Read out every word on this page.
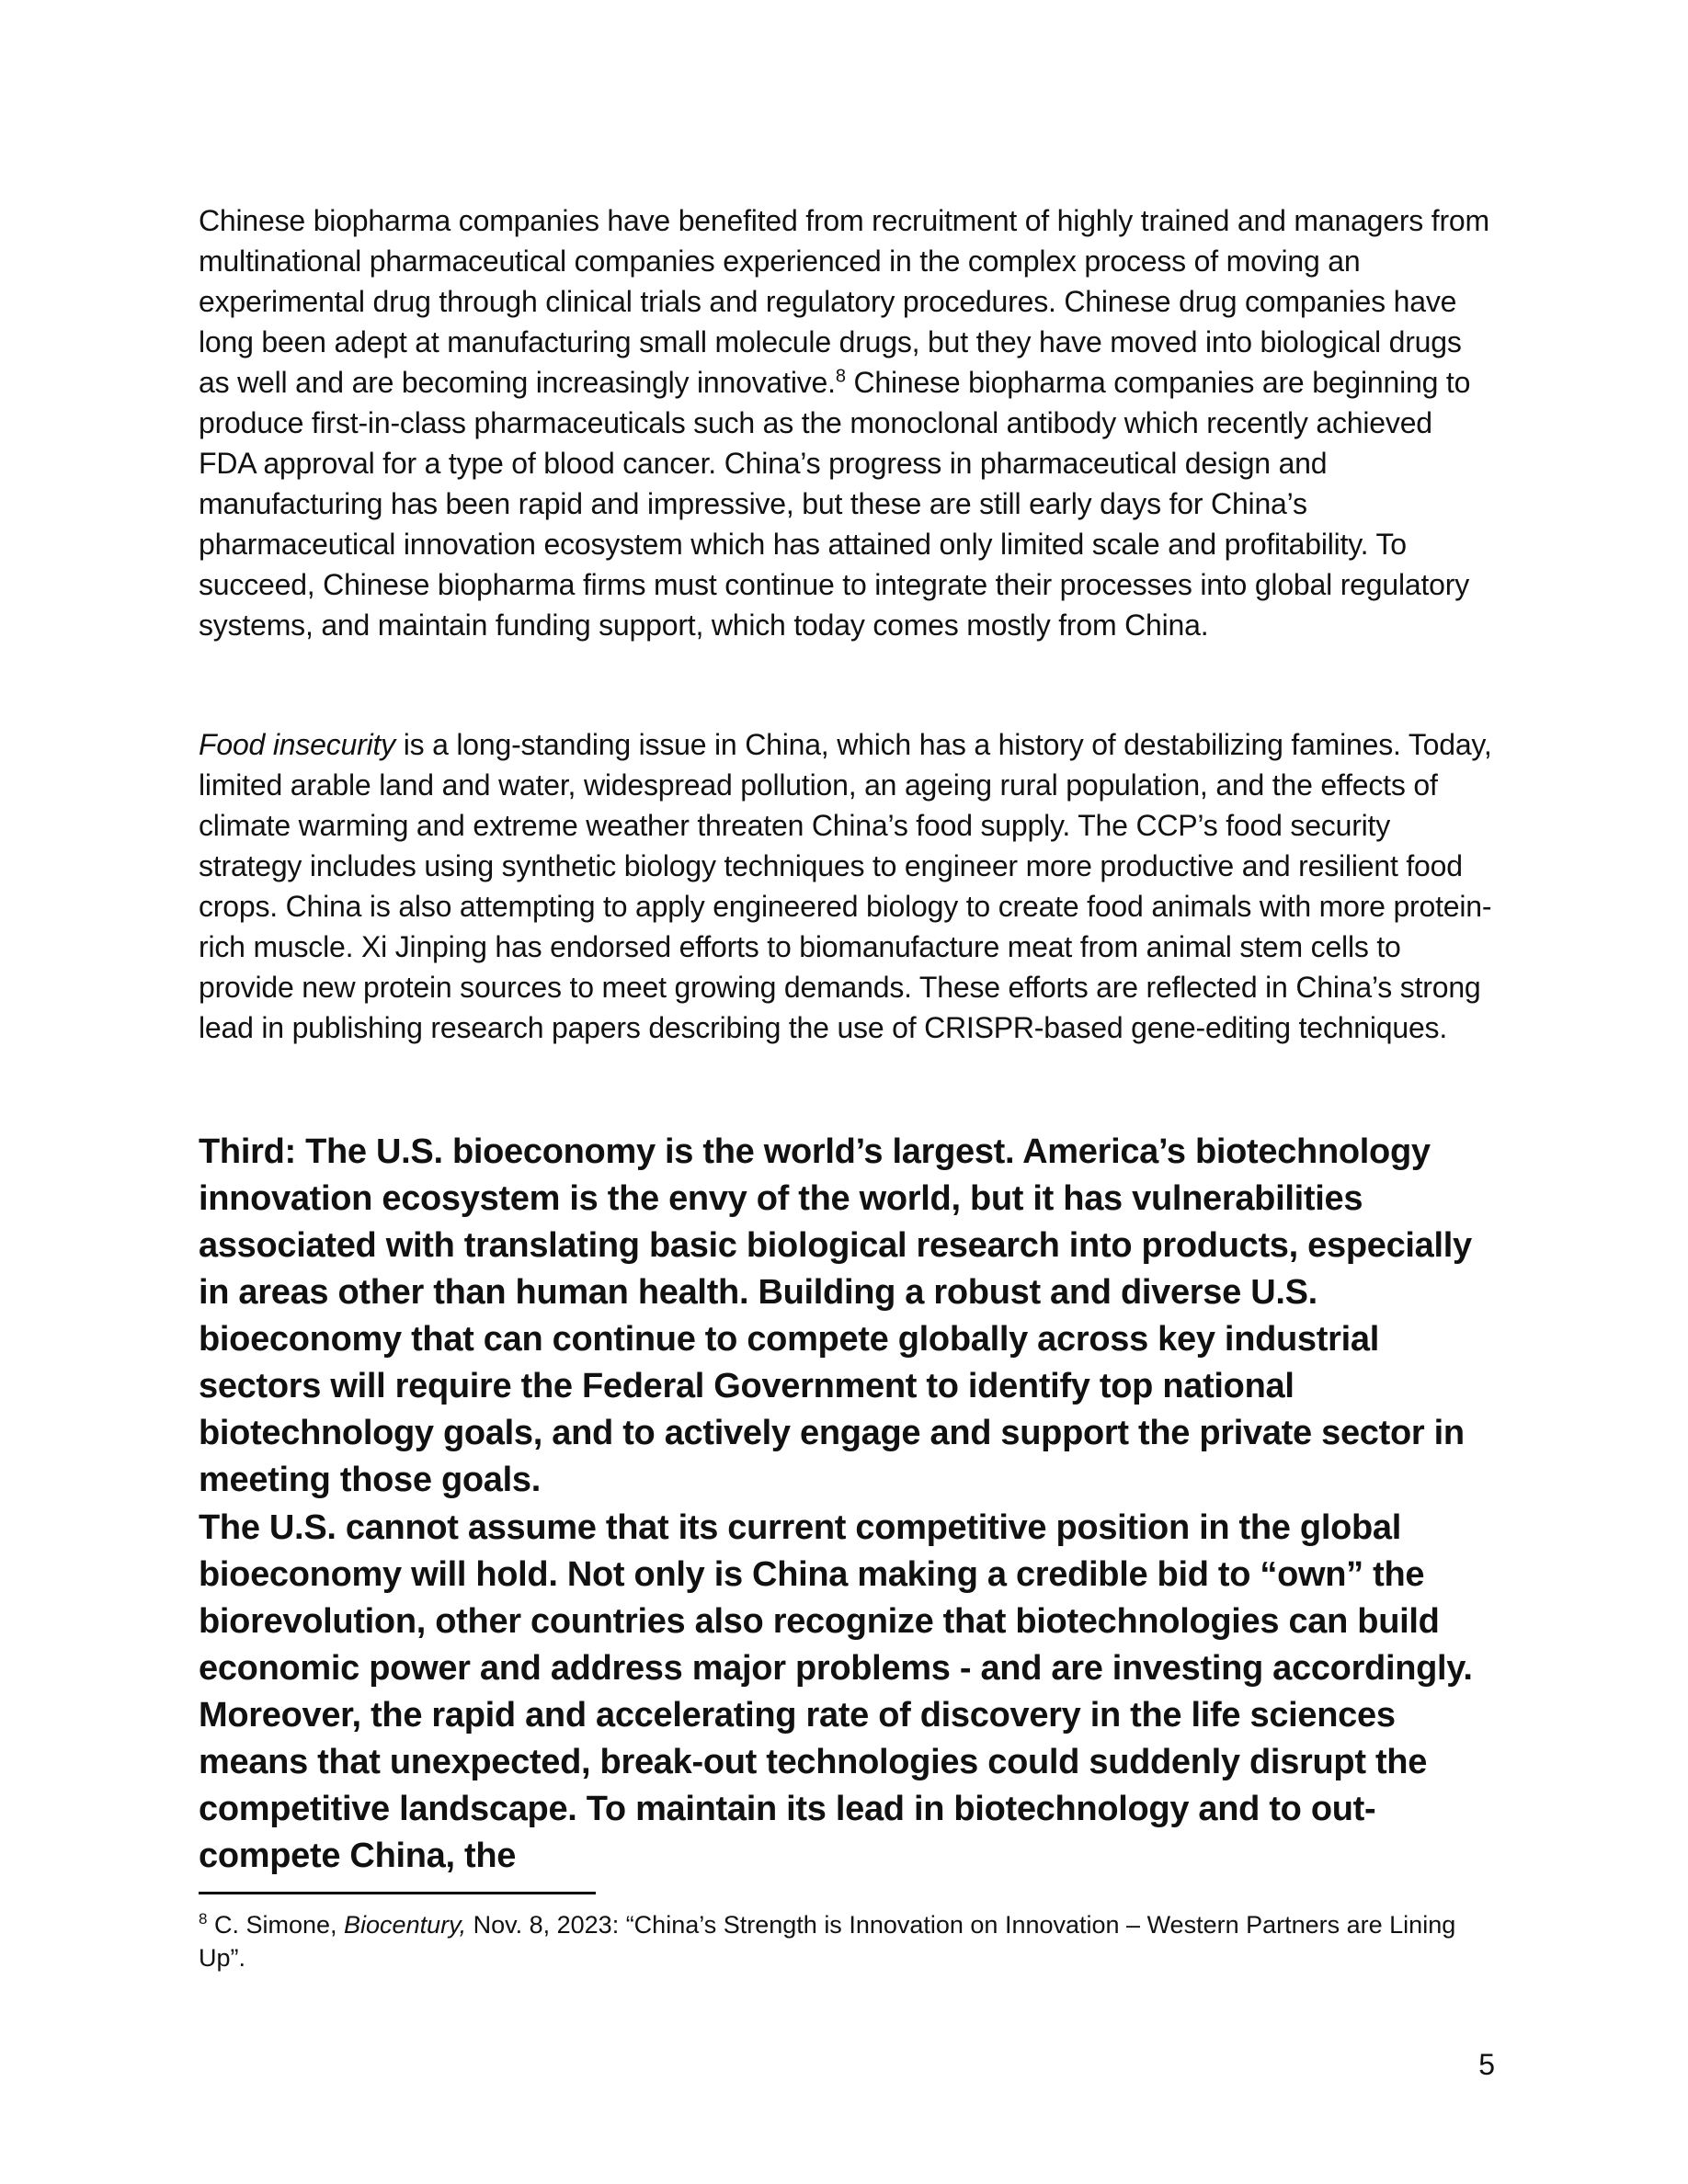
Chinese biopharma companies have benefited from recruitment of highly trained and managers from multinational pharmaceutical companies experienced in the complex process of moving an experimental drug through clinical trials and regulatory procedures. Chinese drug companies have long been adept at manufacturing small molecule drugs, but they have moved into biological drugs as well and are becoming increasingly innovative.$^8$ Chinese biopharma companies are beginning to produce first-in-class pharmaceuticals such as the monoclonal antibody which recently achieved FDA approval for a type of blood cancer. China’s progress in pharmaceutical design and manufacturing has been rapid and impressive, but these are still early days for China’s pharmaceutical innovation ecosystem which has attained only limited scale and profitability. To succeed, Chinese biopharma firms must continue to integrate their processes into global regulatory systems, and maintain funding support, which today comes mostly from China.

Food insecurity is a long-standing issue in China, which has a history of destabilizing famines. Today, limited arable land and water, widespread pollution, an ageing rural population, and the effects of climate warming and extreme weather threaten China’s food supply. The CCP’s food security strategy includes using synthetic biology techniques to engineer more productive and resilient food crops. China is also attempting to apply engineered biology to create food animals with more protein-rich muscle. Xi Jinping has endorsed efforts to biomanufacture meat from animal stem cells to provide new protein sources to meet growing demands. These efforts are reflected in China’s strong lead in publishing research papers describing the use of CRISPR-based gene-editing techniques.

Third: The U.S. bioeconomy is the world’s largest. America’s biotechnology innovation ecosystem is the envy of the world, but it has vulnerabilities associated with translating basic biological research into products, especially in areas other than human health. Building a robust and diverse U.S. bioeconomy that can continue to compete globally across key industrial sectors will require the Federal Government to identify top national biotechnology goals, and to actively engage and support the private sector in meeting those goals.

The U.S. cannot assume that its current competitive position in the global bioeconomy will hold. Not only is China making a credible bid to “own” the biorevolution, other countries also recognize that biotechnologies can build economic power and address major problems - and are investing accordingly. Moreover, the rapid and accelerating rate of discovery in the life sciences means that unexpected, break-out technologies could suddenly disrupt the competitive landscape. To maintain its lead in biotechnology and to out-compete China, the

$^8$ C. Simone, Biocentury, Nov. 8, 2023: “China’s Strength is Innovation on Innovation – Western Partners are Lining Up”.

5
